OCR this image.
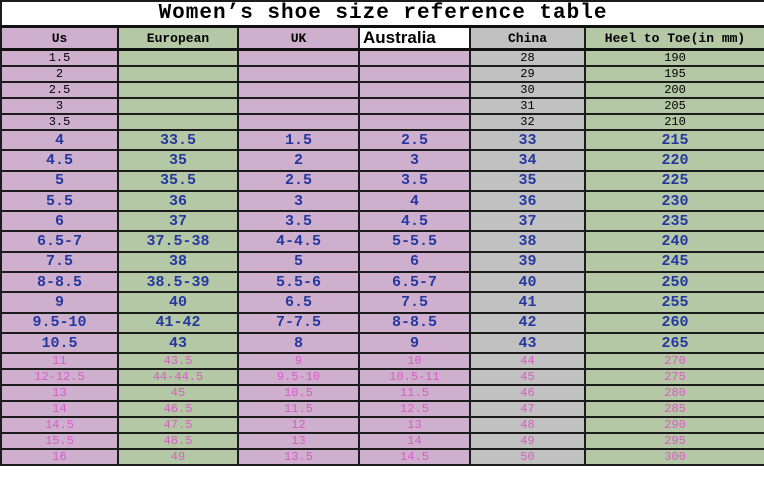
Women’s shoe size reference table					
Us	European	UK	Australia	China	Heel to Toe(in mm)
1.5				28	190
2				29	195
2.5				30	200
3				31	205
3.5				32	210
4	33.5	1.5	2.5	33	215
4.5	35	2	3	34	220
5	35.5	2.5	3.5	35	225
5.5	36	3	4	36	230
6	37	3.5	4.5	37	235
6.5-7	37.5-38	4-4.5	5-5.5	38	240
7.5	38	5	6	39	245
8-8.5	38.5-39	5.5-6	6.5-7	40	250
9	40	6.5	7.5	41	255
9.5-10	41-42	7-7.5	8-8.5	42	260
10.5	43	8	9	43	265
11	43.5	9	10	44	270
12-12.5	44-44.5	9.5-10	10.5-11	45	275
13	45	10.5	11.5	46	280
14	46.5	11.5	12.5	47	285
14.5	47.5	12	13	48	290
15.5	48.5	13	14	49	295
16	49	13.5	14.5	50	300
